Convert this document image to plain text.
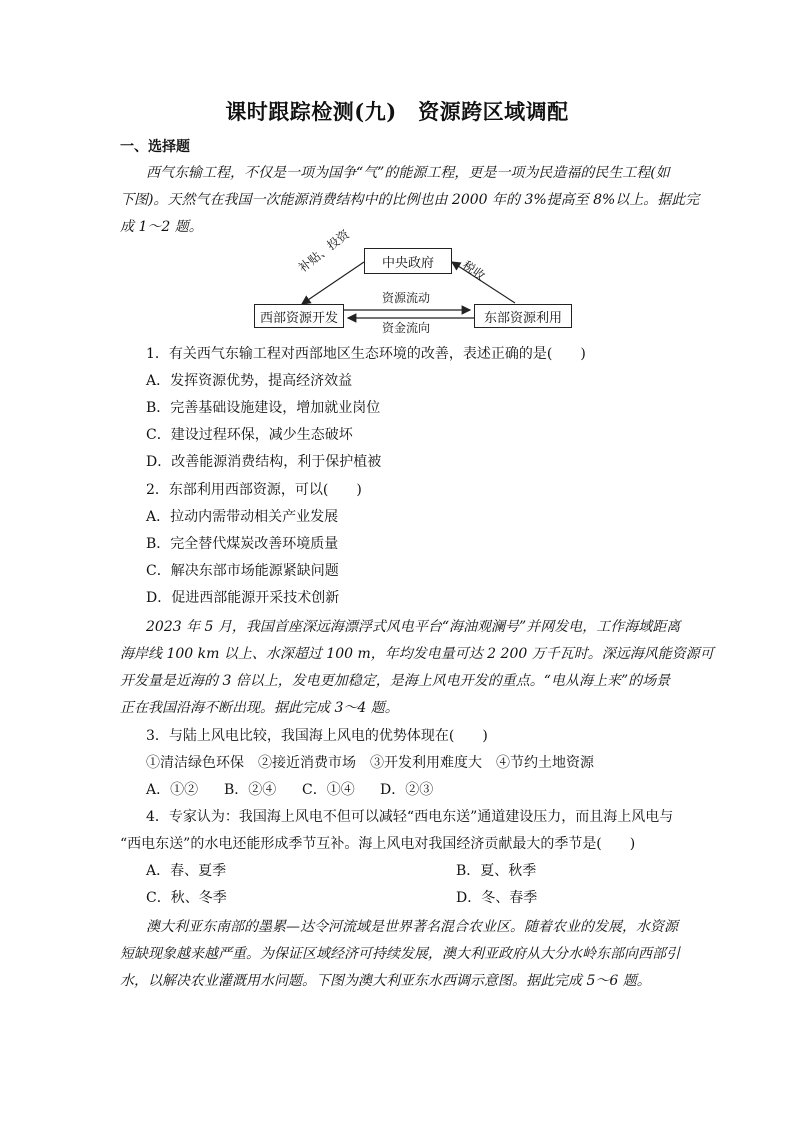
课时跟踪检测(九)　资源跨区域调配
一、选择题
西气东输工程，不仅是一项为国争“气”的能源工程，更是一项为民造福的民生工程(如
下图)。天然气在我国一次能源消费结构中的比例也由 2000 年的 3%提高至 8%以上。据此完
成 1～2 题。
中央政府
西部资源开发	东部资源利用
补贴、投资	税收
资源流动
资金流向
1．有关西气东输工程对西部地区生态环境的改善，表述正确的是(　　)
A．发挥资源优势，提高经济效益
B．完善基础设施建设，增加就业岗位
C．建设过程环保，减少生态破坏
D．改善能源消费结构，利于保护植被
2．东部利用西部资源，可以(　　)
A．拉动内需带动相关产业发展
B．完全替代煤炭改善环境质量
C．解决东部市场能源紧缺问题
D．促进西部能源开采技术创新
2023 年 5 月，我国首座深远海漂浮式风电平台“海油观澜号”并网发电，工作海域距离
海岸线 100 km 以上、水深超过 100 m，年均发电量可达 2 200 万千瓦时。深远海风能资源可
开发量是近海的 3 倍以上，发电更加稳定，是海上风电开发的重点。“电从海上来”的场景
正在我国沿海不断出现。据此完成 3～4 题。
3．与陆上风电比较，我国海上风电的优势体现在(　　)
①清洁绿色环保　②接近消费市场　③开发利用难度大　④节约土地资源
A．①② B．②④ C．①④ D．②③
4．专家认为：我国海上风电不但可以减轻“西电东送”通道建设压力，而且海上风电与
“西电东送”的水电还能形成季节互补。海上风电对我国经济贡献最大的季节是(　　)
A．春、夏季	B．夏、秋季
C．秋、冬季	D．冬、春季
澳大利亚东南部的墨累—达令河流域是世界著名混合农业区。随着农业的发展，水资源
短缺现象越来越严重。为保证区域经济可持续发展，澳大利亚政府从大分水岭东部向西部引
水，以解决农业灌溉用水问题。下图为澳大利亚东水西调示意图。据此完成 5～6 题。
